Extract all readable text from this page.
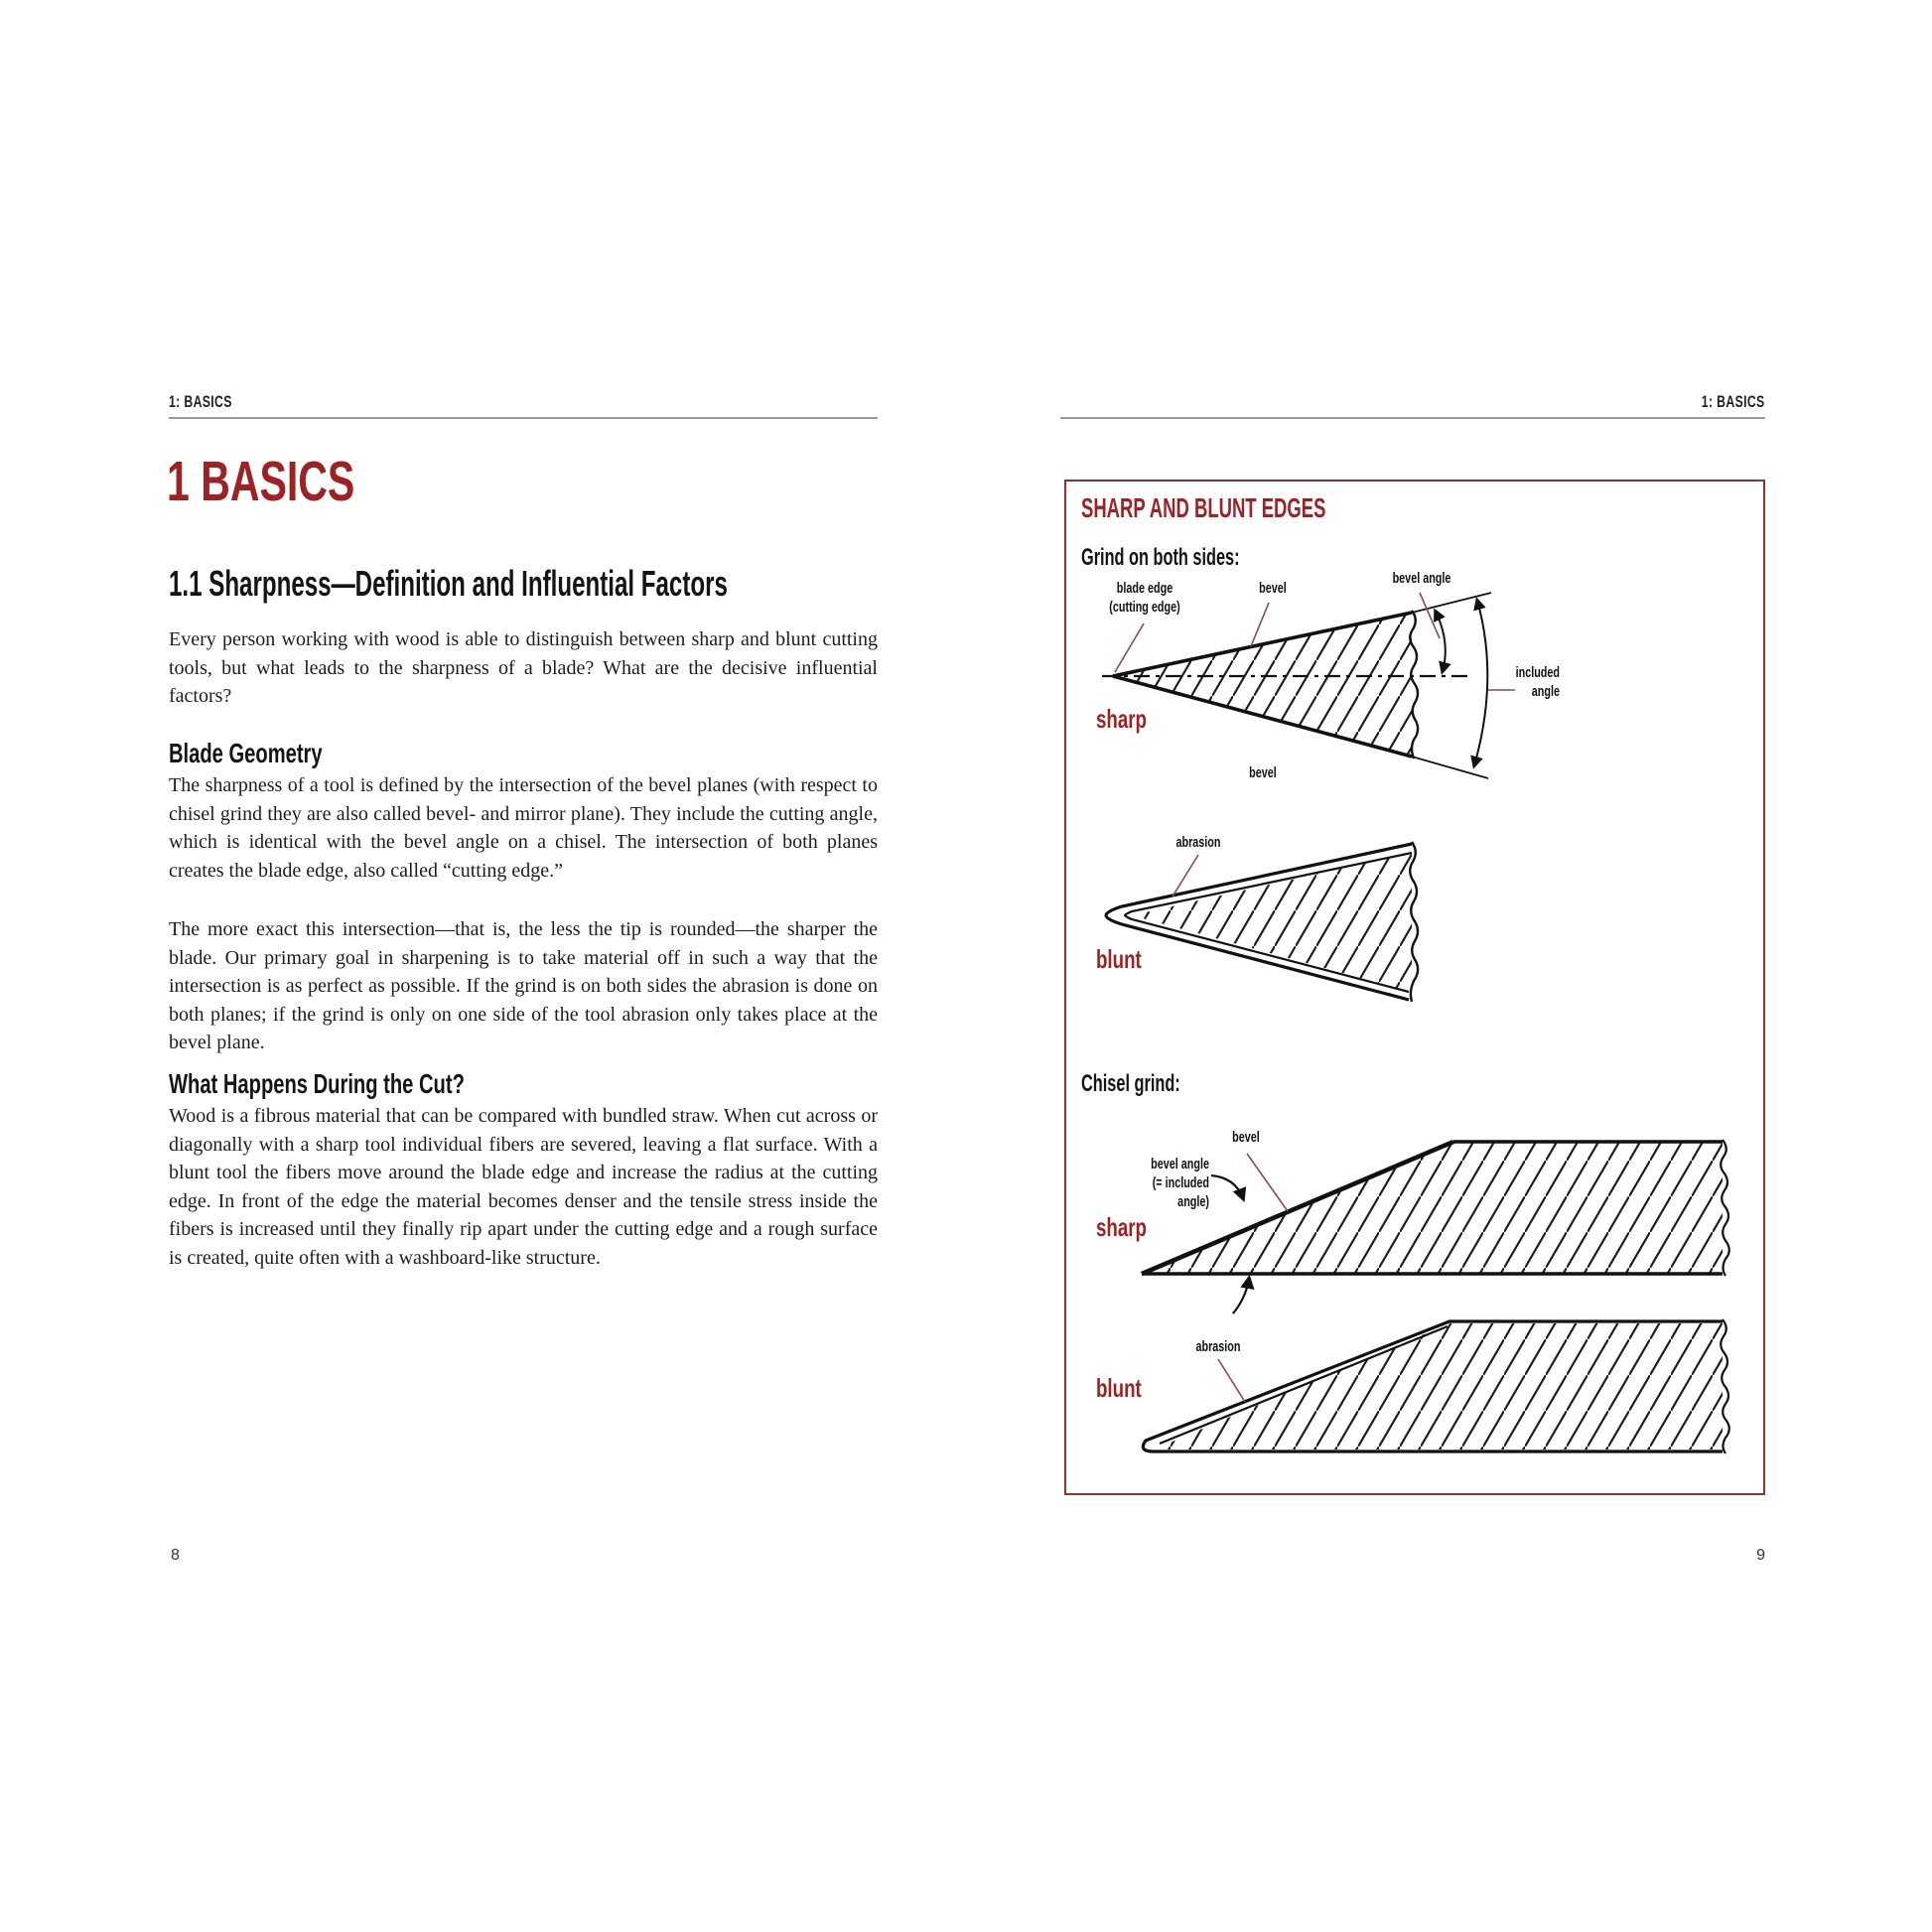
1: BASICS
1 BASICS
1.1 Sharpness—Definition and Influential Factors

Every person working with wood is able to distinguish between sharp and blunt cutting tools, but what leads to the sharpness of a blade? What are the decisive influential factors?

Blade Geometry

The sharpness of a tool is defined by the intersection of the bevel planes (with respect to chisel grind they are also called bevel- and mirror plane). They include the cutting angle, which is identical with the bevel angle on a chisel. The intersection of both planes creates the blade edge, also called “cutting edge.”

The more exact this intersection—that is, the less the tip is rounded—the sharper the blade. Our primary goal in sharpening is to take material off in such a way that the intersection is as perfect as possible. If the grind is on both sides the abrasion is done on both planes; if the grind is only on one side of the tool abrasion only takes place at the bevel plane.

What Happens During the Cut?

Wood is a fibrous material that can be compared with bundled straw. When cut across or diagonally with a sharp tool individual fibers are severed, leaving a flat surface. With a blunt tool the fibers move around the blade edge and increase the radius at the cutting edge. In front of the edge the material becomes denser and the tensile stress inside the fibers is increased until they finally rip apart under the cutting edge and a rough surface is created, quite often with a washboard-like structure.

8
1: BASICS
SHARP AND BLUNT EDGES
Grind on both sides:
Chisel grind:
blade edge
(cutting edge)
bevel
bevel angle
included
angle
sharp
bevel
abrasion
blunt
bevel
bevel angle
(= included angle)
sharp
abrasion
blunt
9
